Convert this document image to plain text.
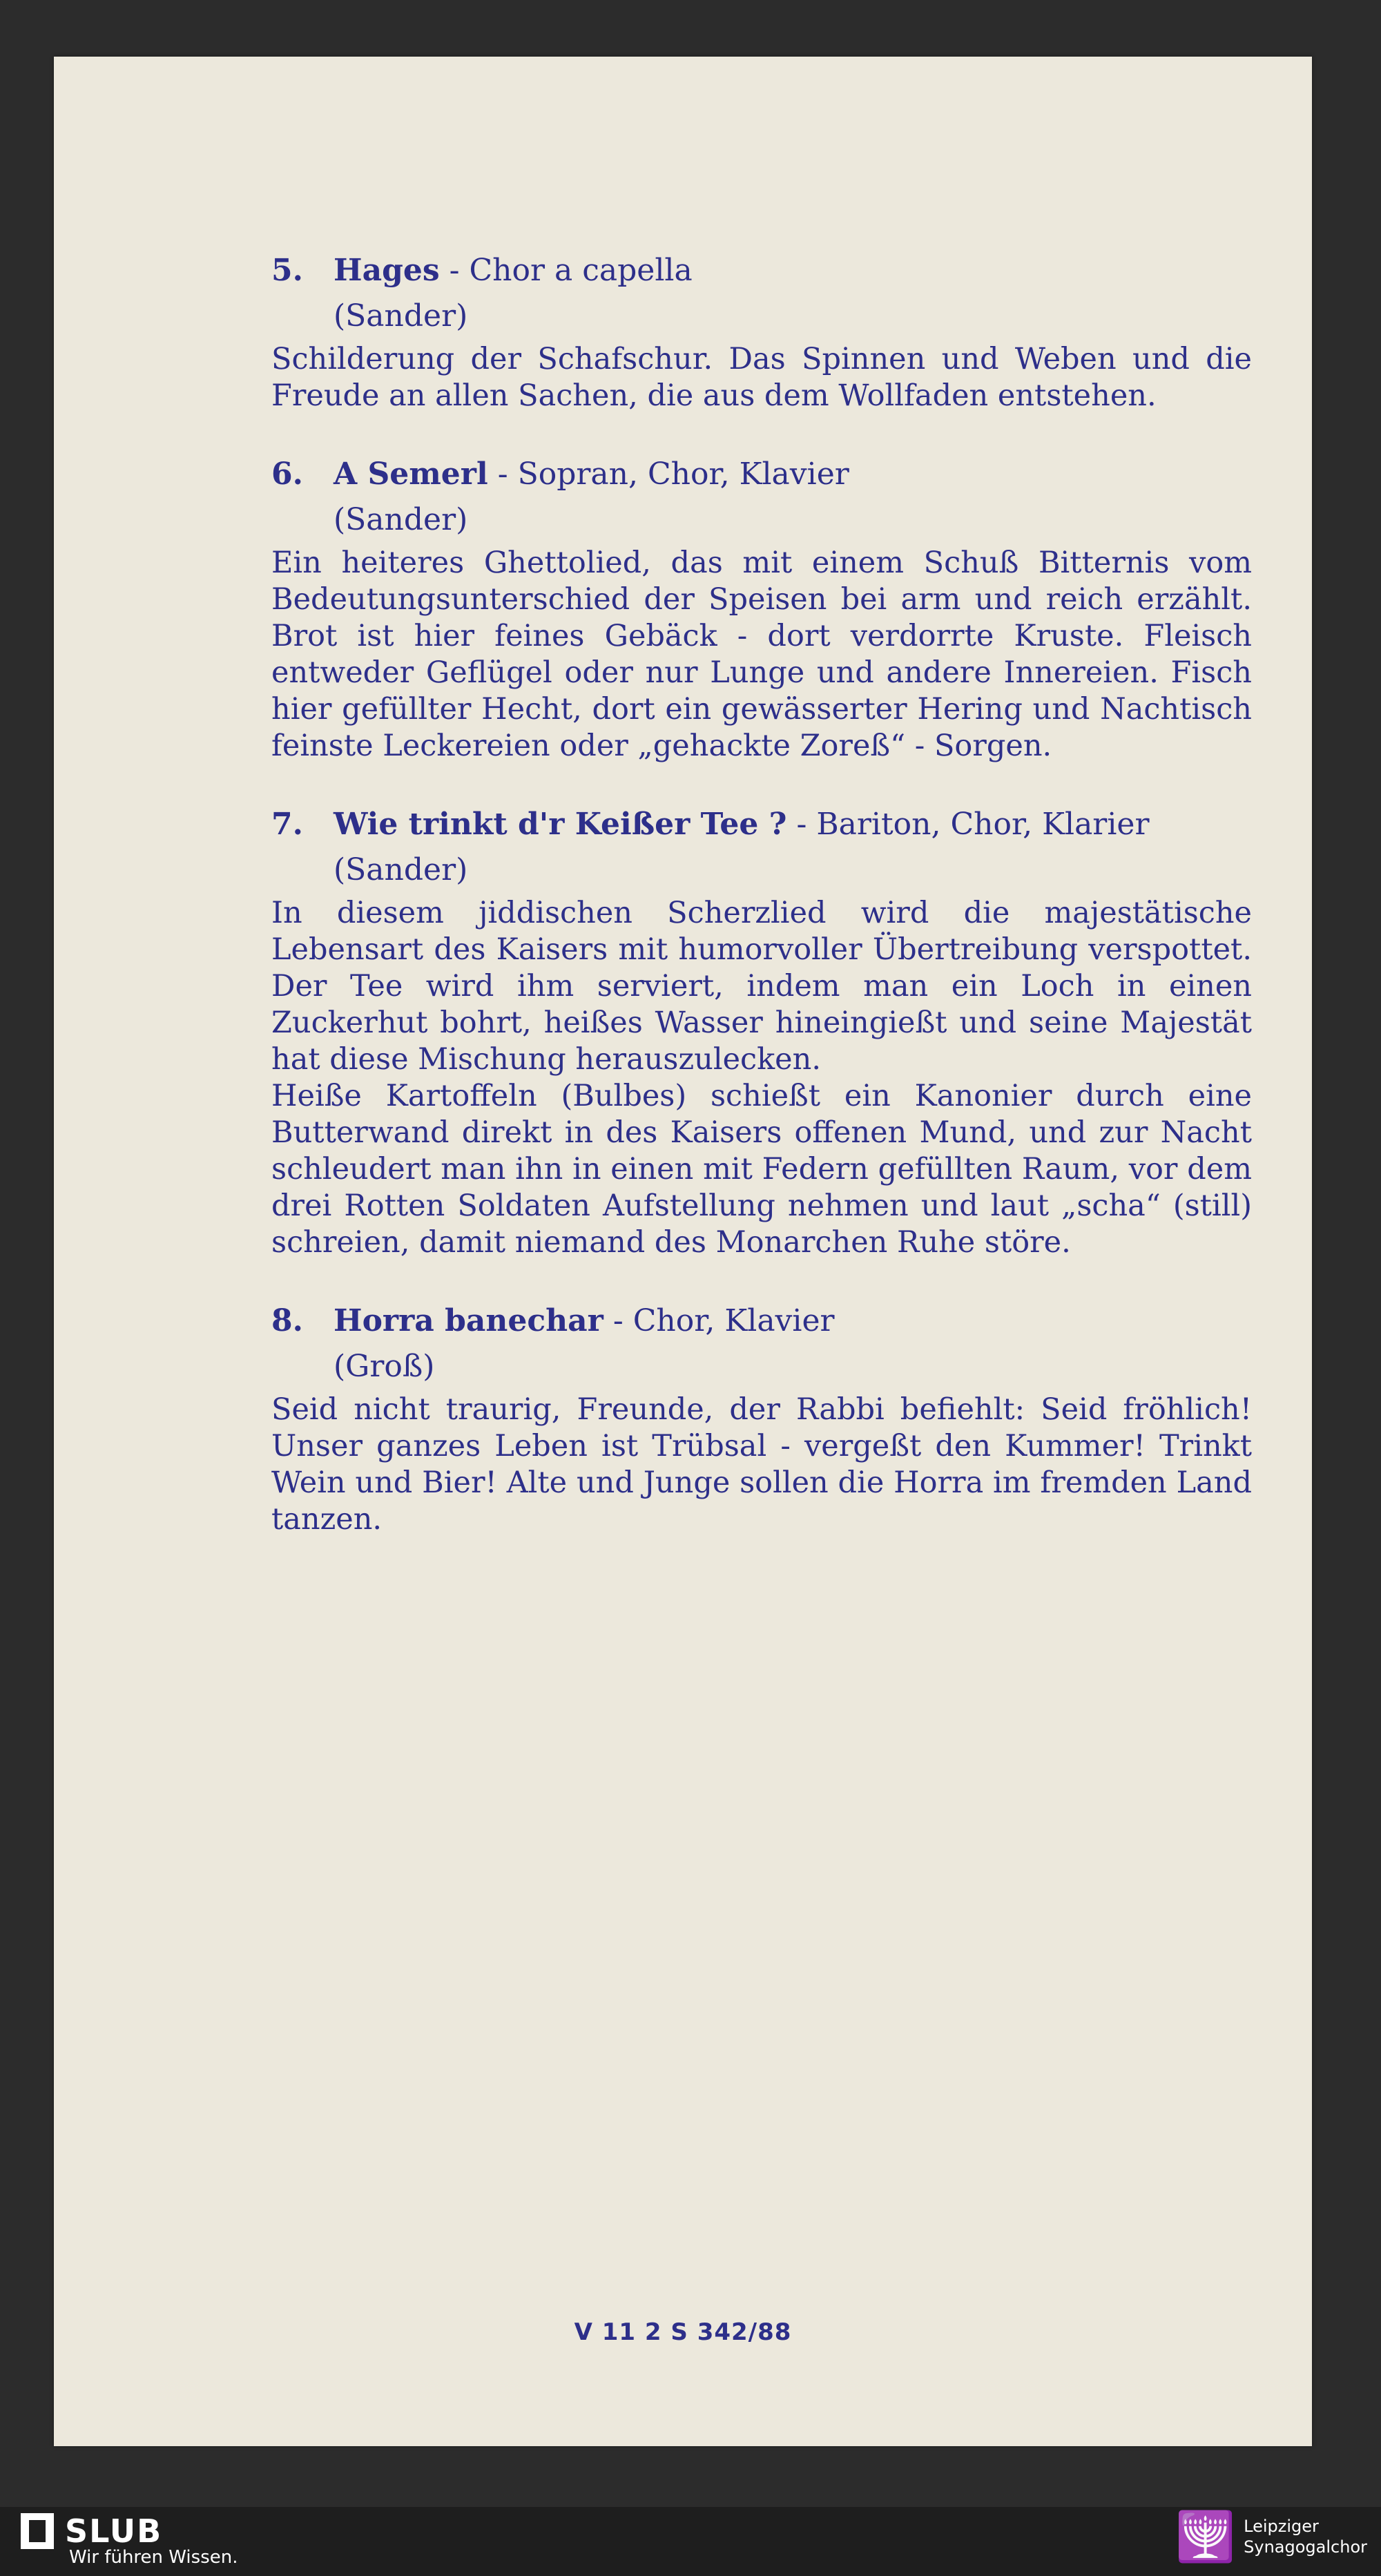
5. Hages - Chor a capella
(Sander)

Schilderung der Schafschur. Das Spinnen und Weben und die Freude an allen Sachen, die aus dem Wollfaden entstehen.

6. A Semerl - Sopran, Chor, Klavier
(Sander)

Ein heiteres Ghettolied, das mit einem Schuß Bitternis vom Bedeutungsunterschied der Speisen bei arm und reich erzählt. Brot ist hier feines Gebäck - dort verdorrte Kruste. Fleisch entweder Geflügel oder nur Lunge und andere Innereien. Fisch hier gefüllter Hecht, dort ein gewässerter Hering und Nachtisch feinste Leckereien oder „gehackte Zoreß“ - Sorgen.

7. Wie trinkt d'r Keißer Tee ? - Bariton, Chor, Klarier
(Sander)

In diesem jiddischen Scherzlied wird die majestätische Lebensart des Kaisers mit humorvoller Übertreibung verspottet. Der Tee wird ihm serviert, indem man ein Loch in einen Zuckerhut bohrt, heißes Wasser hineingießt und seine Majestät hat diese Mischung herauszulecken.

Heiße Kartoffeln (Bulbes) schießt ein Kanonier durch eine Butterwand direkt in des Kaisers offenen Mund, und zur Nacht schleudert man ihn in einen mit Federn gefüllten Raum, vor dem drei Rotten Soldaten Aufstellung nehmen und laut „scha“ (still) schreien, damit niemand des Monarchen Ruhe störe.

8. Horra banechar - Chor, Klavier
(Groß)

Seid nicht traurig, Freunde, der Rabbi befiehlt: Seid fröhlich! Unser ganzes Leben ist Trübsal - vergeßt den Kummer! Trinkt Wein und Bier! Alte und Junge sollen die Horra im fremden Land tanzen.

V 11 2 S 342/88
SLUB
Wir führen Wissen.	🕎 Leipziger
Synagogalchor
